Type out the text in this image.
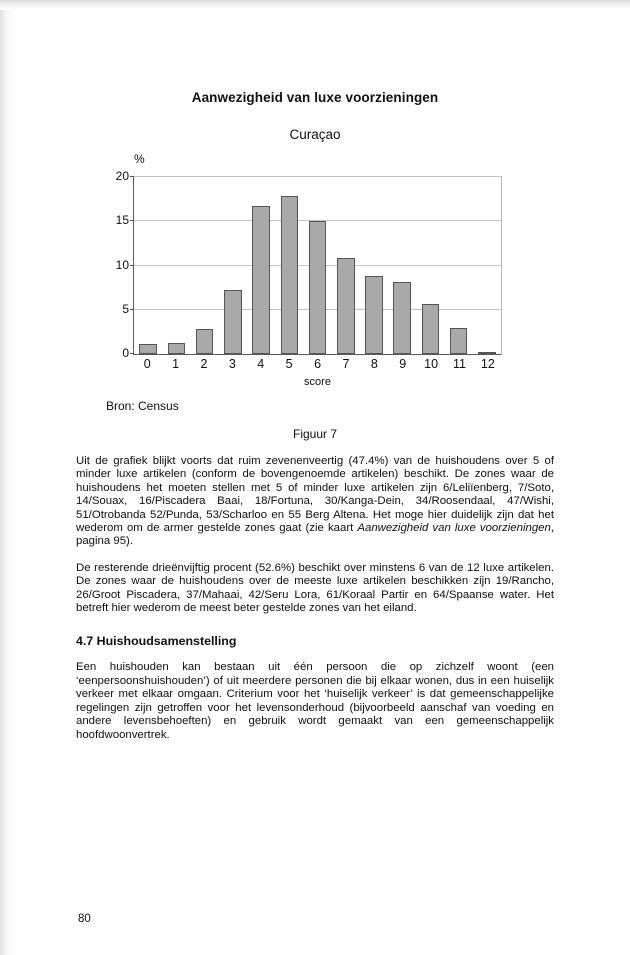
Aanwezigheid van luxe voorzieningen
Curaçao
%
0
5
10
15
20
0	1	2	3	4	5	6	7	8	9	10	11	12
score
Bron: Census
Figuur 7

Uit de grafiek blijkt voorts dat ruim zevenenveertig (47.4%) van de huishoudens over 5 of minder luxe artikelen (conform de bovengenoemde artikelen) beschikt. De zones waar de huishoudens het moeten stellen met 5 of minder luxe artikelen zijn 6/Leliïenberg, 7/Soto, 14/Souax, 16/Piscadera Baai, 18/Fortuna, 30/Kanga-Dein, 34/Roosendaal, 47/Wishi, 51/Otrobanda 52/Punda, 53/Scharloo en 55 Berg Altena. Het moge hier duidelijk zijn dat het wederom om de armer gestelde zones gaat (zie kaart Aanwezigheid van luxe voorzieningen, pagina 95).

De resterende drieënvijftig procent (52.6%) beschikt over minstens 6 van de 12 luxe artikelen. De zones waar de huishoudens over de meeste luxe artikelen beschikken zijn 19/Rancho, 26/Groot Piscadera, 37/Mahaai, 42/Seru Lora, 61/Koraal Partir en 64/Spaanse water. Het betreft hier wederom de meest beter gestelde zones van het eiland.

4.7 Huishoudsamenstelling

Een huishouden kan bestaan uit één persoon die op zichzelf woont (een ‘eenpersoonshuishouden’) of uit meerdere personen die bij elkaar wonen, dus in een huiselijk verkeer met elkaar omgaan. Criterium voor het ‘huiselijk verkeer’ is dat gemeenschappelijke regelingen zijn getroffen voor het levensonderhoud (bijvoorbeeld aanschaf van voeding en andere levensbehoeften) en gebruik wordt gemaakt van een gemeenschappelijk hoofdwoonvertrek.

80
